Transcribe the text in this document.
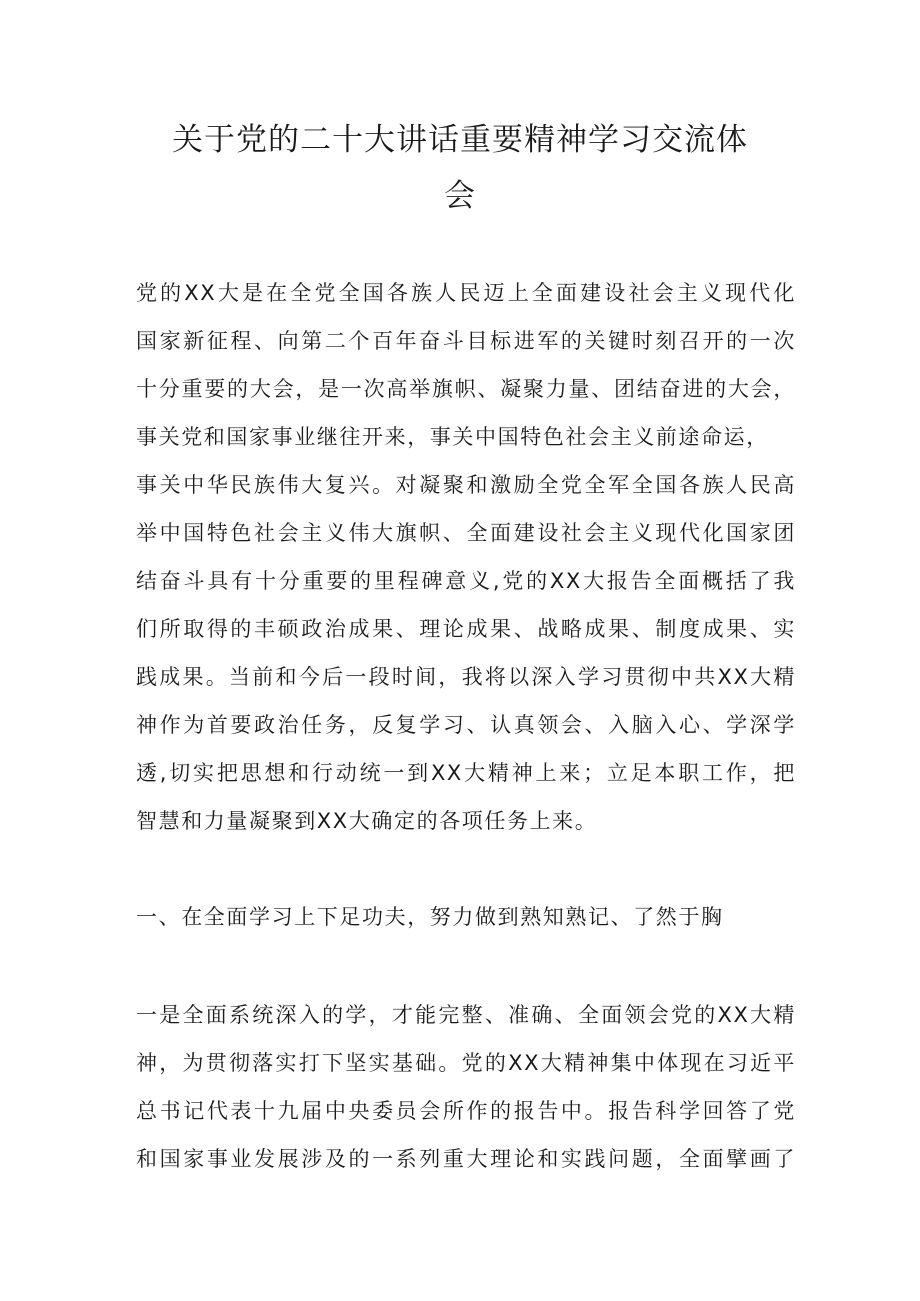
关于党的二十大讲话重要精神学习交流体
会
党的XX大是在全党全国各族人民迈上全面建设社会主义现代化
国家新征程、向第二个百年奋斗目标进军的关键时刻召开的一次
十分重要的大会，是一次高举旗帜、凝聚力量、团结奋进的大会，
事关党和国家事业继往开来，事关中国特色社会主义前途命运，
事关中华民族伟大复兴。对凝聚和激励全党全军全国各族人民高
举中国特色社会主义伟大旗帜、全面建设社会主义现代化国家团
结奋斗具有十分重要的里程碑意义,党的XX大报告全面概括了我
们所取得的丰硕政治成果、理论成果、战略成果、制度成果、实
践成果。当前和今后一段时间，我将以深入学习贯彻中共XX大精
神作为首要政治任务，反复学习、认真领会、入脑入心、学深学
透,切实把思想和行动统一到XX大精神上来；立足本职工作，把
智慧和力量凝聚到XX大确定的各项任务上来。
一、在全面学习上下足功夫，努力做到熟知熟记、了然于胸
一是全面系统深入的学，才能完整、准确、全面领会党的XX大精
神，为贯彻落实打下坚实基础。党的XX大精神集中体现在习近平
总书记代表十九届中央委员会所作的报告中。报告科学回答了党
和国家事业发展涉及的一系列重大理论和实践问题，全面擘画了
